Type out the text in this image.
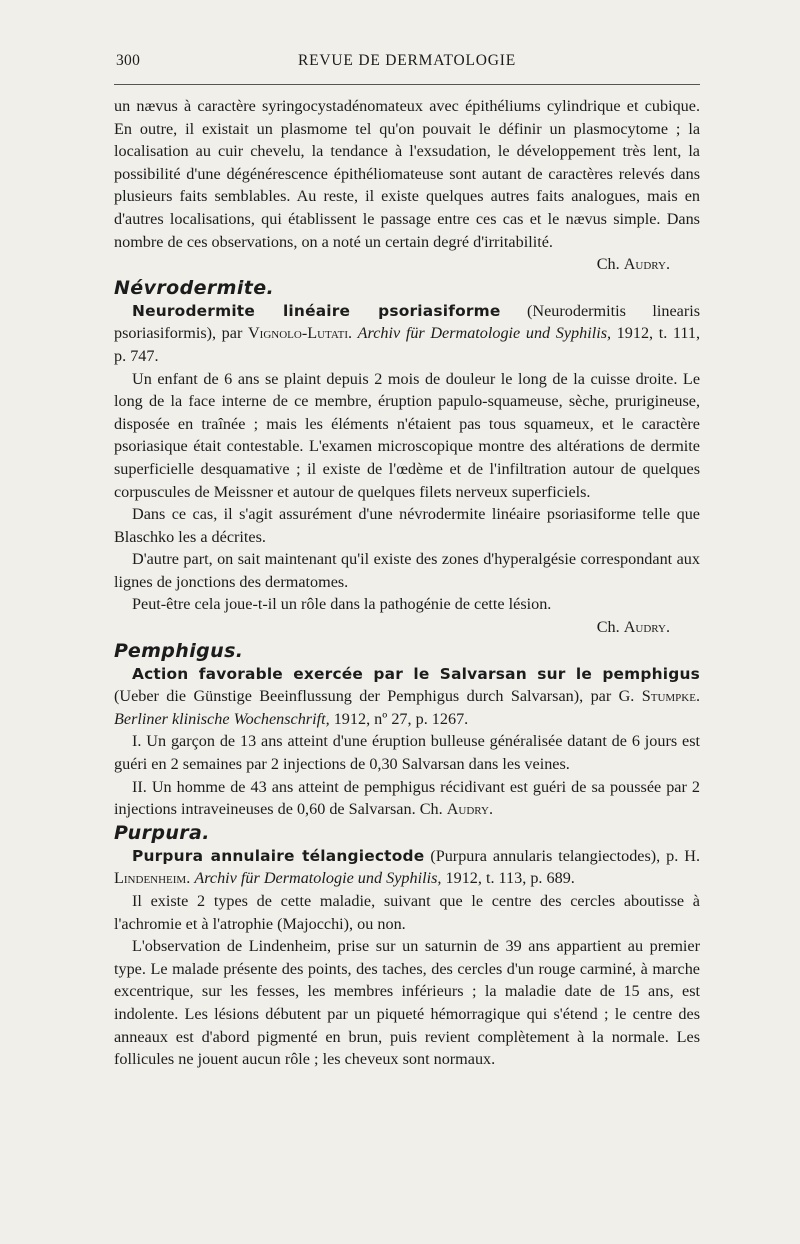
300	REVUE DE DERMATOLOGIE

un nævus à caractère syringocystadénomateux avec épithéliums cylindrique et cubique. En outre, il existait un plasmome tel qu'on pouvait le définir un plasmocytome ; la localisation au cuir chevelu, la tendance à l'exsudation, le développement très lent, la possibilité d'une dégénérescence épithéliomateuse sont autant de caractères relevés dans plusieurs faits semblables. Au reste, il existe quelques autres faits analogues, mais en d'autres localisations, qui établissent le passage entre ces cas et le nævus simple. Dans nombre de ces observations, on a noté un certain degré d'irritabilité.

Ch. Audry.
Névrodermite.

Neurodermite linéaire psoriasiforme (Neurodermitis linearis psoriasiformis), par Vignolo-Lutati. Archiv für Dermatologie und Syphilis, 1912, t. 111, p. 747.

Un enfant de 6 ans se plaint depuis 2 mois de douleur le long de la cuisse droite. Le long de la face interne de ce membre, éruption papulo-squameuse, sèche, prurigineuse, disposée en traînée ; mais les éléments n'étaient pas tous squameux, et le caractère psoriasique était contestable. L'examen microscopique montre des altérations de dermite superficielle desquamative ; il existe de l'œdème et de l'infiltration autour de quelques corpuscules de Meissner et autour de quelques filets nerveux superficiels.

Dans ce cas, il s'agit assurément d'une névrodermite linéaire psoriasiforme telle que Blaschko les a décrites.

D'autre part, on sait maintenant qu'il existe des zones d'hyperalgésie correspondant aux lignes de jonctions des dermatomes.

Peut-être cela joue-t-il un rôle dans la pathogénie de cette lésion.

Ch. Audry.
Pemphigus.

Action favorable exercée par le Salvarsan sur le pemphigus (Ueber die Günstige Beeinflussung der Pemphigus durch Salvarsan), par G. Stumpke. Berliner klinische Wochenschrift, 1912, nº 27, p. 1267.

I. Un garçon de 13 ans atteint d'une éruption bulleuse généralisée datant de 6 jours est guéri en 2 semaines par 2 injections de 0,30 Salvarsan dans les veines.

II. Un homme de 43 ans atteint de pemphigus récidivant est guéri de sa poussée par 2 injections intraveineuses de 0,60 de Salvarsan. Ch. Audry.

Purpura.

Purpura annulaire télangiectode (Purpura annularis telangiectodes), p. H. Lindenheim. Archiv für Dermatologie und Syphilis, 1912, t. 113, p. 689.

Il existe 2 types de cette maladie, suivant que le centre des cercles aboutisse à l'achromie et à l'atrophie (Majocchi), ou non.

L'observation de Lindenheim, prise sur un saturnin de 39 ans appartient au premier type. Le malade présente des points, des taches, des cercles d'un rouge carminé, à marche excentrique, sur les fesses, les membres inférieurs ; la maladie date de 15 ans, est indolente. Les lésions débutent par un piqueté hémorragique qui s'étend ; le centre des anneaux est d'abord pigmenté en brun, puis revient complètement à la normale. Les follicules ne jouent aucun rôle ; les cheveux sont normaux.
